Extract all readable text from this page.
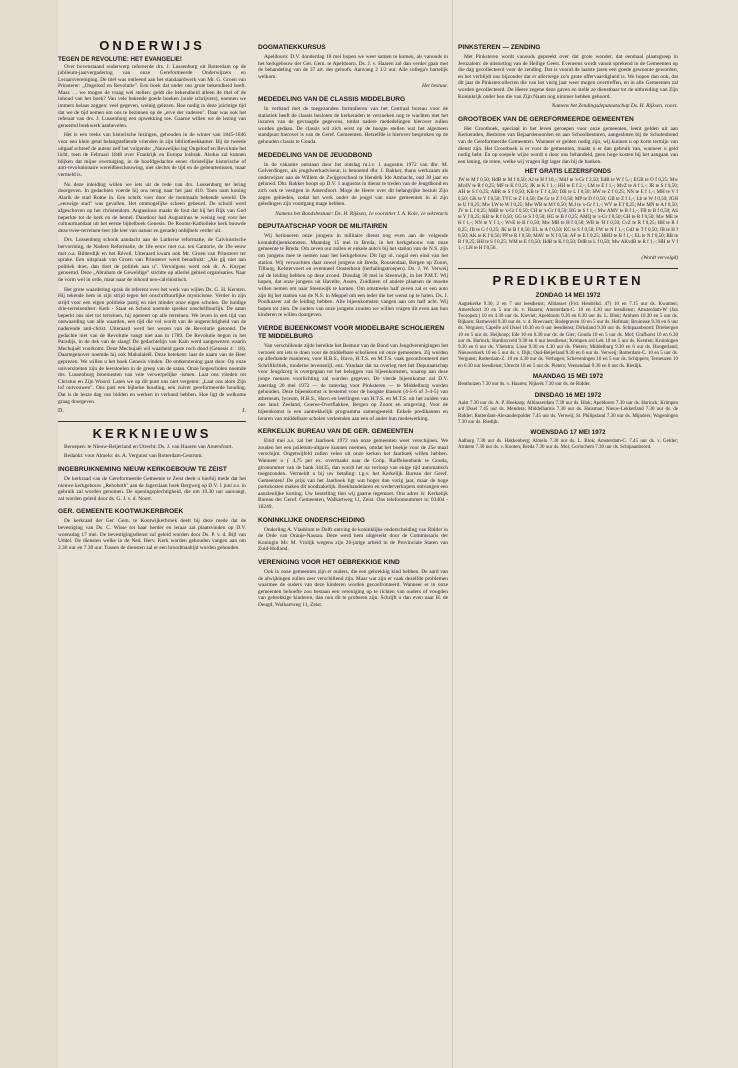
ONDERWIJS
TEGEN DE REVOLUTIE: HET EVANGELIE!

Over bovenstaand onderwerp refereerde drs. J. Lussenburg uit Rotterdam op de jubileum-jaarvergadering van onze Gereformeerde Onderwijzers en Leraarsvereniging. De titel was ontleend aan het standaardwerk van Mr. G. Groen van Prinsterer: „Ongeloof en Revolutie". Een boek dat onder ons grote bekendheid heeft. Maar. . . we mogen de vraag wel stellen: geldt die bekendheid alleen de titel of de inhoud van het boek? Van vele bekende goede boeken (oude schrijvers), noemen we immers helaas zeggen: veel gegeven, weinig gelezen. Hoe nodig in deze juichtige tijd dat we de tijd nemen om ons te bezinnen op de „erve der vaderen". Daar was ook het referaat van drs. J. Lussenburg een opwekking toe. Gaarne willen we de lezing van genoemd boekwerk aanbevelen.

Het is een reeks van historische lezingen, gehouden in de winter van 1845-1846 voor een klein getal belangstellende vrienden in zijn bibliotheekkamer. Bij de tweede uitgaaf schreef de auteur zelf het volgende: „Nauwelijks lag Ongeloof en Revolutie het licht, toen de Februari 1848 over Frankrijk en Europa losbrak. Alsdus zal kunnen blijken dat mijne overtuiging, in de hoofdgedachte eener christelijke historische of anti-revolutionaire wereldbeschouwing, niet slechts de tijd en de gebeurtenissen, maar vermeld is.

Nu deze inleiding willen we iets uit de rede van drs. Lussenburg ter lering doorgeven. In gedachten voerde hij ons terug naar het jaar 410. Toen nam koning Alarik de stad Rome in. Een schrik voer door de toenmaals bekende wereld. De „eeuwige stad" was gevallen. Het ommogelijke scheen gebeurd. De schuld werd afgeschoven op het christendom. Augustinus maakt de fout dat hij het Rijk van God beperkte tot de kerk en de hemel. Daardoor had Augustinus te weinig oog voor het cultuurmandaat uit het eerste bijbelboek Genesis. De Rooms-Katholieke kerk bouwde deze twee-terreinen-leer (de leer van natuur en genade) onbijbels verder uit.

Drs. Lussenburg schonk aandacht aan de Lutherse reformatie, de Calvinistische hervorming, de Nadere Reformatie, de 18e eeuw met o.a. ten Cantorie, de 19e eeuw met o.a. Bilderdijk en het Réveil. Uiteraard kwam ook Mr. Groen van Prinsterer ter sprake. Een uitspraak van Groen van Prinsterer werd benadrukt: „Als gij niet aan politiek doet, dan doet de politiek aan u". Vervolgens werd ook dr. A. Kuyper genoemd. Deze „Abraham de Geweldige" stichtte op allerlei gebied organisaties. Naar de vorm wel in orde, maar naar de inhoud neo-calvinistisch.

Het grote waardering sprak de referent over het werk van wijlen Ds. G. H. Kersten. Hij tekende hem in zijn strijd tegen het onschriftuurlijke mysticisme. Verder in zijn strijd voor een eigen politieke partij en niet minder onze eigen scholen. De huidige drie-terreinenleer: Kerk - Staat en School noemde spreker onschriftuurlijk. De satan beperkt ons niet tot terreinen, hij opereert op alle terreinen. We leven in een tijd van ontwaarding van alle waarden, een tijd die vol wordt van de ongerechtigheid van de naderende anti-christ. Uiteraard werd het wezen van de Revolutie getoond. De gedachte niet van de Revolutie vangt niet aan in 1789. De Revolutie begon in het Paradijs, in de dek van de slang! De gedachtelijn van Kain werd aangewezen waarin Mechujaël voorkomt. Deze Mechujaël wil waarheid gaste roch dood (Genesis 4 : 18). Daartegenover noemde hij ook Mahalaleël. Deze betekent: laat de naam van de Heer geprezen. We willen u het boek Genesis vinden. De ontkerstening gaat door. Op onze universiteiten zijn de leerstoelen in de greep van de satan. Onze hogescholen noemde drs. Lussenburg broeinesten van vele verwerpelijke -ismen. Laat ons vlieden tot Christus en Zijn Woord. Laten we op dit punt ons niet vergeten: „Laat ons alom Zijn lof ontvouwen". Ons past een bijbelse houding, een zuiver gereformeerde houding. Dat is de leuze dag van bidden en werken in verband hebben. Hoe ligt de welkome graag doorgeven.

D.	J.
KERKNIEUWS

Beroepen: te Nieuw-Beijerland en Utrecht: Ds. J. van Huaren van Amersfoort.

Bedankt: voor Almelo: ds. A. Vergunst van Rotterdam-Centrum.

INGEBRUIKNEMING NIEUW KERKGEBOUW TE ZEIST

De kerkraad van de Gereformeerde Gemeente te Zeist deelt u hierbij mede dat het nieuwe kerkgebouw „Rehoboth" aan de Jagerslaan hoek Bergweg op D.V. 1 juni a.s. in gebruik zal worden genomen. De openingsplechtigheid, die om 19.30 uur aanvangt, zal worden geleid door ds. G. J. v. d. Noort.

GER. GEMEENTE KOOTWIJKERBROEK

De kerkraad der Ger. Gem. te Kootwijkerbroek deelt bij deze mede dat de bevestiging van Ds. C. Wisse tot haar herder en leraar zal plaatsvinden op D.V. woensdag 17 mei. De bevestigingsdienst zal geleid worden door Ds. P. v. d. Bijl van Uddel. De diensten welke in de Ned. Herv. Kerk worden gehouden vangen aan om 2.30 uur en 7.30 uur. Tussen de diensten zal er een broodmaaltijd worden gehouden.

DOGMATIEKKURSUS

Apeldoorn: D.V. donderdag 18 mei hopen we weer samen te komen, als vanouds in het kerkgebouw der Ger. Gem. te Apeldoorn. Ds. J. v. Haaren zal dan verder gaan met de behandeling van de 37 art. des geloofs. Aanvang 2 1/2 uur. Alle collega's hartelijk welkom.

Het bestuur.

MEDEDELING VAN DE CLASSIS MIDDELBURG

In verband met de toegezonden formulieren van het Centraal bureau voor de statistiek heeft de classis besloten de kerkeraden te verzoeken nog te wachten met het inzuren van de gevraagde gegevens, totdat nadere mededelingen hierover zullen worden gedaan. De classis wil zich eerst op de hoogte stellen wat het algemeen standpunt hierover is van de Geref. Gemeenten. Hetzelfde is hierover besproken op de gehouden classis te Gouda.

MEDEDELING VAN DE JEUGDBOND

In de vakantie ontstaan door het ontslag m.i.v. 1 augustus 1972 van dhr. M. Golverdingen, als jeugdwerkadviseur, is benoemd dhr. J. Bakker, thans werkzaam als onderwijzer aan de Willem de Zwijgerschool te Hendrik Ido Ambacht, oud 30 jaar en gehuwd. Dhr. Bakker hoopt op D.V. 1 augustus in dienst te treden van de Jeugdbond en zich ook te vestigen in Amersfoort. Moge de Heere over dit belangrijke besluit Zijn zegen gebieden, zodat het werk onder de jeugd van onze gemeenten in al zijn geledingen zijn voortgang mage hebben.

Namens het Bondsbestuur: Ds. H. Rijksen, 1e voorzitter I. A. Kole, 1e sekretaris

DEPUTAATSCHAP VOOR DE MILITAIREN

Wij herinneren onze jongens in militaire dienst nog even aan de volgende kontaktbijeenkomsten. Maandag 15 mei in Breda, in het kerkgebouw van onze gemeente te Breda. Om zeven uur zullen er enkele auto's bij het station van de N.S. zijn om jongens mee te nemen naar het kerkgebouw. Dit ligt nl. nogal een eind van het station. Wij verwachten daar zowel jongens uit Breda, Roosendaal, Bergen op Zoom, Tilburg, Kelstervoert en eventueel Oosterhout (herhalingstroepen). Ds. J. W. Verweij zal de leiding hebben op deze avond. Dinsdag 30 mei in Steenwijk, in het P.M.T. Wij hopen, dat onze jongens uit Havelte, Assen, Zuidlaren of andere plaatsen de moeite willen nemen om naar Steenwijk te komen. Om omstreeks half zeven zal er een auto zijn bij het station van de N.S. in Meppel om een ieder die het wenst op te halen. Ds. J. Poolkazeer zal de leiding hebben. Alle bijeenkomsten vangen aan om half acht. Wij hopen tot zien. De ouders van onze jongens zouden we willen vragen dit even aan hun kinderen te willen doorgeven.

VIERDE BIJEENKOMST VOOR MIDDELBARE SCHOLIEREN TE MIDDELBURG

Van verschillende zijde bereikte het Bestuur van de Bond van Jeugdverenigingen het verzoek om iets te doen voor de middelbare scholieren uit onze gemeenten. Zij worden op allerhande manieren, voor H.B.S., Havo, H.T.S. en M.T.S. vaak geconfronteerd met Schriftkritiek, moderne levensstijl, enz. Vandaar dat na overleg met het Deputaatschap voor Jeugdzorg is overgegaan tot het beleggen van bijeenkomsten, waarop aan deze jonge mensen voorlichting zal worden gegeven. De vierde bijeenkomst zal D.V. zaterdag 20 mei 1972 — de zaterdag voor Pinksteren — te Middelburg worden gehouden. Deze bijeenkomst is bestemd voor de hoogste klassen (4-5-6 of 3-4-5) van atheneum, lyceum, H.B.S., Havo en leerlingen van H.T.S. en M.T.S. uit het zuiden van ons land: Zeeland, Goeree-Overflakkee, Bergen op Zoom en omgeving. Voor de bijeenkomst is een aantrekkelijk programma samengesteld. Enkele predikanten en leraren van middelbare scholen verleenden aan een of ander hun medewerking.

KERKELIJK BUREAU VAN DE GER. GEMEENTEN

Eind mei a.s. zal het Jaarboek 1972 van onze gemeenten weer verschijnen. We zouden het een psiletum-uitgave kunnen noemen, omdat het boekje voor de 25e maal verschijnt. Ongetwijfeld zullen velen uit onze kerken het Jaarboek willen hebben. Wanneer u ƒ 4,75 per ex. overmaakt naar de Coöp. Raiffeisenbank te Gouda, gironummer van de bank 34435, dan wordt het na verloop van enige tijd automatisch toegezonden. Vermeldt u bij uw betaling: t.g.v. het Kerkelijk Bureau der Geref. Gemeenten! De prijs van het Jaarboek ligt wat hoger dan vorig jaar, maar de hoge portokosten maken dit noodzakelijk. Boekhandelaren en wederverkopers ontvangen een aanzienlijke korting. Uw bestelling tien wij gaarne tegemoet. Ons adres is: Kerkelijk Bureau der Geref. Gemeenten, Walkartweg 11, Zeist. Ons telefoonnummer is: 03404 - 18249.

KONINKLIJKE ONDERSCHEIDING

Onderling A. Vlasblom te Delft ontving de koninklijke onderscheiding van Ridder in de Orde van Oranje-Nassau. Deze werd hem uitgereikt door de Commissaris der Koningin Mr. M. Vrolijk wegens zijn 26-jarige arbeid in de Provinciale Staten van Zuid-Holland.

VERENIGING VOOR HET GEBREKKIGE KIND

Ook in onze gemeenten zijn er ouders, die een gebrekkig kind hebben. De aard van de afwijkingen zullen zeer verschillend zijn. Maar wat zijn er vaak dezelfde problemen waarmee de ouders van deze kinderen worden geconfronteerd. Wanneer er in onze gemeenten behoefte zou bestaan een vereniging op te richten van ouders of voogden van gebrekkige kinderen, dan nou dit te proberen zijn. Schrijft u dan even naar H. de Deugd, Walkartweg 11, Zeist.

PINKSTEREN — ZENDING

Met Pinksteren wordt vanouds gepreekt over dat grote wonder, dat eenmaal plaatsgreep in Jeruzalem: de uitstorting van de Heilige Geest. Eveneens wordt vanuit sprekend in de Gemeenten op die dag gecollecteerd voor de zending. Dat is vooral de laatste jaren een goede gewoonte geworden, en het verblijdt ons bijzonder dat er allerwege zo'n grote offervaardigheid is. We hopen dan ook, dat dit jaar de Pinkstercollecten die van het vorig jaar weer mogen overtreffen, en in alle Gemeenten zal worden gecollecteerd. De Heere zegene deze gaven en stelle ze dienstbaar tot de uitbreiding van Zijn Koninkrijk onder hen die van Zijn Naam nog nimmer hebben gehoord.

Namens het Zendingsdeputaatschap Ds. H. Rijksen, voorz.

GROOTBOEK VAN DE GEREFORMEERDE GEMEENTEN

Het Grootboek, speciaal in het leven geroepen voor onze gemeenten, leent gelden uit aan Kerkeraden, Besturen van Bejaardenoorden en aan Schoolbesturen, aangesloten bij de Scholenbond van de Gereformeerde Gemeenten. Wanneer er gelden nodig zijn, wij kunnen u op korte termijn van dienst zijn. Het Grootboek is er voor de gemeenten, maakt u er dan gebruik van, wanneer u geld nodig hebt. En op soepele wijze wordt u door ons behandeld, geen hoge kosten bij het aangaan van een lening, de rente, welke wij vragen ligt lager dan bij de banken.

HET GRATIS LEZERSFONDS

JW te M f 0,50; HdB te M f 0,50; AJ te H f 10,-; MdJ te 's-Gr f 2,50; EdB te W f 5,-; EGB te O f 0,25; Mw MvdV te R f 0,25; MF te K f 0,25; JK te K f 1,-; HH te E f 2,-; LM te E f 1,-; MvZ te A f 1,-; JR te S f 0,50; AH te S f 0,25; ABR te S f 0,50; KB te T f 4,50; DB te L f 0,50; HW te Z f 0,25; NN te E f 1,-; MH te V f 0,50; GK te Y f 0,50; TVC te Z f 4,50; De Gr te Z f 0,50; MP te D f 0,50; GB te Z f 1,-; Lb te W f 0,50; JGH te U f 0,25; Mw LW te W f 0,25; Mw WB te M f 0,50; M.J te 's-Gr f 1,-; WV te E f 0,25; Mw MN te A f 0,50; JV te L f 0,25; MdB te 's-Gr f 0,50; CH te 's-Gr f 0,50; HG te S f 1,-; Mw AMV te B f 1,-; FB te B f 0,50; AS te Y f 0,25; KB te R f 0,50; GG te S f 0,50; HG te B f 0,25; AMQ te 's-Gr f 0,50; GH te R f 0,50; Mw ME te H f 1,-; NN te Y f 1,-; WvE te B f 0,50; Mw MB te H f 0,50; WB te 'H f 0,50; CvZ te R f 0,25; HH te R f 0,25; JB te G f 0,25; JK te B f 0,50; EL te A f 0,50; KC te S f 0,50; FW te N f 1,-; GdJ te T f 0,50; JB te H f 0,50; AK te K f 0,50; PP te R f 0,50; MAV te N f 0,50; AF te E f 0,25; HHD te B f 1,-; EL te N f 0,50; BB te R f 0,25; BH te S f 0,25; WM te E f 0,50; HdB te K f 0,50; DdB te L f 0,50; Mw AKvdB te R f 1,-; HH te V f 1,-; LH te H f 0,50.

(Wordt vervolgd)

PREDIKBEURTEN
ZONDAG 14 MEI 1972

Aagtekerke 9.30, 2 en 7 uur leesdienst; Alblasser (Frd. Hendrikd. 47) 10 en 7.15 uur ds. Kwanten; Amersfoort 10 en 5 uur ds. v. Haaren; Amsterdam-C. 10 en 4.30 uur leesdienst; Amsterdam-W (Jan Tooropstr.) 10 en 4.30 uur ds. Kieviet; Apeldoorn 9.30 en 6.30 uur ds. L. Blok; Arnhem 10.30 en 5 uur ds. Rijksen; Barneveld 9.30 uur ds. v. d. Breevaart; Bodegraven 10 en 5 uur ds. Hofman; Bruinisse 9.30 en 6 uur ds. Vergunst; Capelle a/d IJssel 10.30 en 6 uur leesdienst; Dirksland 9.30 uur ds. Schipaanboord; Driebergen 10 en 5 uur ds. Heijkoop; Ede 10 en 6.30 uur ds. de Gier; Gouda 10 en 5 uur ds. Mol; Grafhorst 10 en 6.30 uur ds. Harinck; Hardinxveld 9.30 en 6 uur leesdienst; Krimpen a/d Lek 10 en 5 uur ds. Kersten; Kruiningen 9.30 en 6 uur ds. Vlietstra; Lisse 9.30 en 4.30 uur ds. Pieters; Middelburg 9.30 en 6 uur ds. Hoogerland; Nieuwerkerk 10 en 5 uur ds. v. Dijk; Oud-Beijerland 9.30 en 6 uur ds. Verweij; Rotterdam-C. 10 en 5 uur ds. Vergunst; Rotterdam-Z. 10 en 4.30 uur ds. Verhagen; Scheveningen 10 en 5 uur ds. Schippers; Terneuzen 10 en 6.30 uur leesdienst; Utrecht 10 en 5 uur ds. Pieters; Veenendaal 9.30 en 6 uur ds. Riedijk.

MAANDAG 15 MEI 1972

Benthuizen 7.30 uur ds. v. Haaren; Nijkerk 7.30 uur ds. de Ridder.

DINSDAG 16 MEI 1972

Aalst 7.30 uur ds. A. P. Hoekzep; Alblasserdam 7.30 uur ds. Blok; Apeldoorn 7.30 uur ds. Harinck; Krimpen a/d IJssel 7.45 uur ds. Mendeta; Middelharnis 7.30 uur ds. Huisman; Nieuw-Lekkerland 7.30 uur ds. de Ridder; Rotterdam-Alexanderpolder 7.45 uur ds. Verweij; St. Philipsland 7.30 uur ds. Mijnders; Wageningen 7.30 uur ds. Riedijk.

WOENSDAG 17 MEI 1972

Aalburg 7.30 uur ds. Hakkenberg; Almelo 7.30 uur ds. L. Blok; Amsterdam-C. 7.45 uur ds. v. Gelder; Arnhem 7.30 uur ds. v. Kooten; Breda 7.30 uur ds. Mol; Gorinchem 7.30 uur ds. Schipaanboord.
